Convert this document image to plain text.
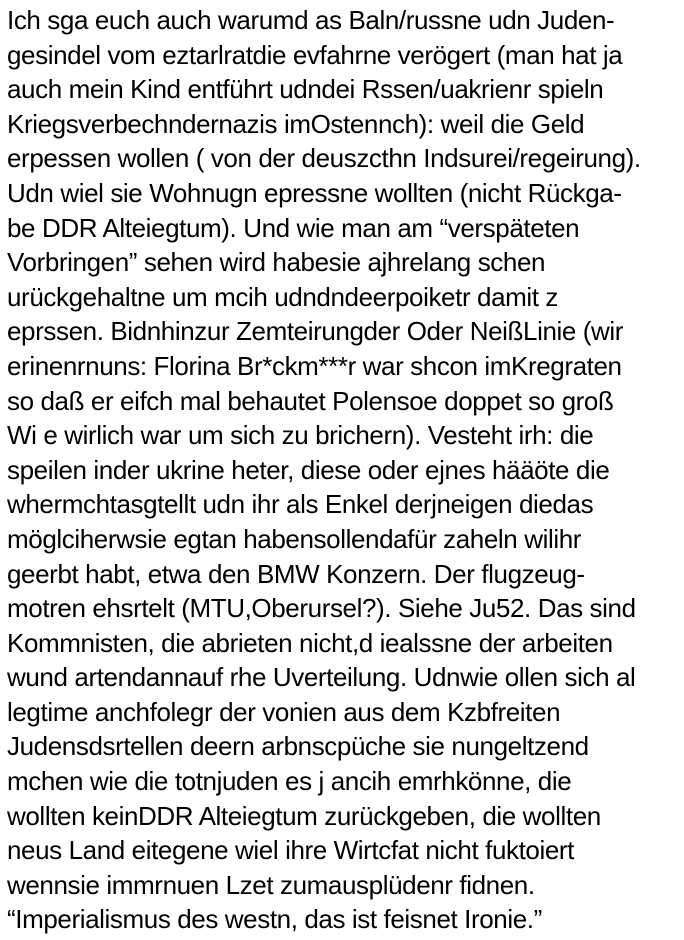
Ich sga euch auch warumd as Baln/russne udn Juden-
gesindel vom eztarlratdie evfahrne verögert (man hat ja
auch mein Kind entführt udndei Rssen/uakrienr spieln
Kriegsverbechndernazis imOstennch): weil die Geld
erpessen wollen ( von der deuszcthn Indsurei/regeirung).
Udn wiel sie Wohnugn epressne wollten (nicht Rückga-
be DDR Alteiegtum). Und wie man am “verspäteten
Vorbringen” sehen wird habesie ajhrelang schen
urückgehaltne um mcih udndndeerpoiketr damit z
eprssen. Bidnhinzur Zemteirungder Oder NeißLinie (wir
erinenrnuns: Florina Br*ckm***r war shcon imKregraten
so daß er eifch mal behautet Polensoe doppet so groß
Wi e wirlich war um sich zu brichern). Vesteht irh: die
speilen inder ukrine heter, diese oder ejnes hääöte die
whermchtasgtellt udn ihr als Enkel derjneigen diedas
möglciherwsie egtan habensollendafür zaheln wilihr
geerbt habt, etwa den BMW Konzern. Der flugzeug-
motren ehsrtelt (MTU,Oberursel?). Siehe Ju52. Das sind
Kommnisten, die abrieten nicht,d iealssne der arbeiten
wund artendannauf rhe Uverteilung. Udnwie ollen sich al
legtime anchfolegr der vonien aus dem Kzbfreiten
Judensdsrtellen deern arbnscpüche sie nungeltzend
mchen wie die totnjuden es j ancih emrhkönne, die
wollten keinDDR Alteiegtum zurückgeben, die wollten
neus Land eitegene wiel ihre Wirtcfat nicht fuktoiert
wennsie immrnuen Lzet zumausplüdenr fidnen.
“Imperialismus des westn, das ist feisnet Ironie.”
